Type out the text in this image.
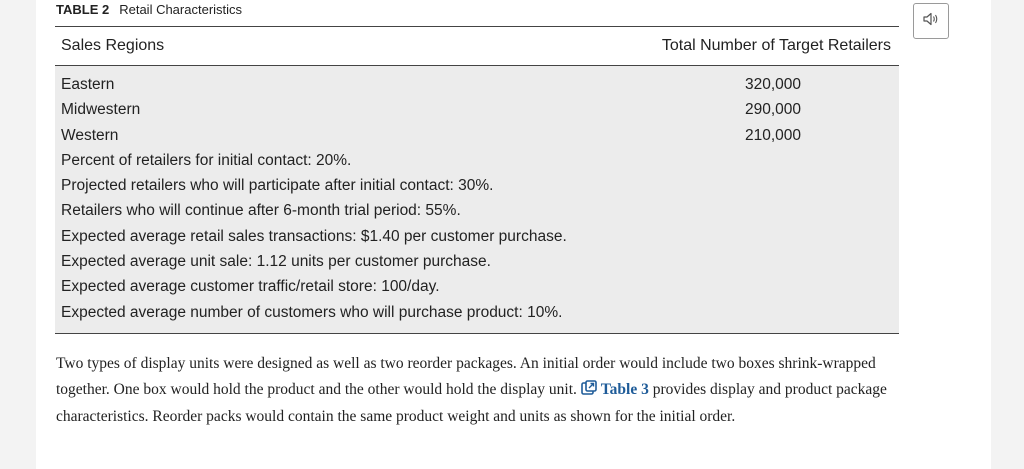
TABLE 2 Retail Characteristics
Sales Regions	Total Number of Target Retailers
Eastern	320,000
Midwestern	290,000
Western	210,000
Percent of retailers for initial contact: 20%.
Projected retailers who will participate after initial contact: 30%.
Retailers who will continue after 6-month trial period: 55%.
Expected average retail sales transactions: $1.40 per customer purchase.
Expected average unit sale: 1.12 units per customer purchase.
Expected average customer traffic/retail store: 100/day.
Expected average number of customers who will purchase product: 10%.
Two types of display units were designed as well as two reorder packages. An initial order would include two boxes shrink-wrapped together. One box would hold the product and the other would hold the display unit. Table 3 provides display and product package characteristics. Reorder packs would contain the same product weight and units as shown for the initial order.
